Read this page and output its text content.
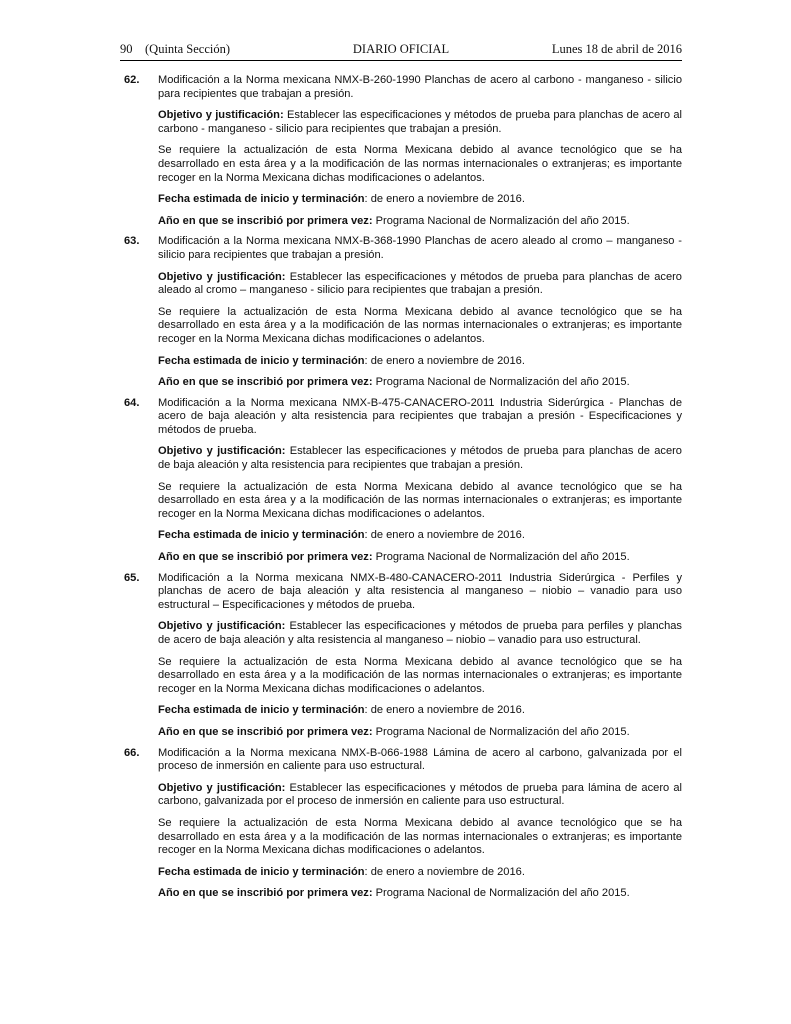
90 (Quinta Sección)	DIARIO OFICIAL	Lunes 18 de abril de 2016
62. Modificación a la Norma mexicana NMX-B-260-1990 Planchas de acero al carbono - manganeso - silicio para recipientes que trabajan a presión.

Objetivo y justificación: Establecer las especificaciones y métodos de prueba para planchas de acero al carbono - manganeso - silicio para recipientes que trabajan a presión.

Se requiere la actualización de esta Norma Mexicana debido al avance tecnológico que se ha desarrollado en esta área y a la modificación de las normas internacionales o extranjeras; es importante recoger en la Norma Mexicana dichas modificaciones o adelantos.

Fecha estimada de inicio y terminación: de enero a noviembre de 2016.

Año en que se inscribió por primera vez: Programa Nacional de Normalización del año 2015.

63. Modificación a la Norma mexicana NMX-B-368-1990 Planchas de acero aleado al cromo – manganeso - silicio para recipientes que trabajan a presión.

Objetivo y justificación: Establecer las especificaciones y métodos de prueba para planchas de acero aleado al cromo – manganeso - silicio para recipientes que trabajan a presión.

Se requiere la actualización de esta Norma Mexicana debido al avance tecnológico que se ha desarrollado en esta área y a la modificación de las normas internacionales o extranjeras; es importante recoger en la Norma Mexicana dichas modificaciones o adelantos.

Fecha estimada de inicio y terminación: de enero a noviembre de 2016.

Año en que se inscribió por primera vez: Programa Nacional de Normalización del año 2015.

64. Modificación a la Norma mexicana NMX-B-475-CANACERO-2011 Industria Siderúrgica - Planchas de acero de baja aleación y alta resistencia para recipientes que trabajan a presión - Especificaciones y métodos de prueba.

Objetivo y justificación: Establecer las especificaciones y métodos de prueba para planchas de acero de baja aleación y alta resistencia para recipientes que trabajan a presión.

Se requiere la actualización de esta Norma Mexicana debido al avance tecnológico que se ha desarrollado en esta área y a la modificación de las normas internacionales o extranjeras; es importante recoger en la Norma Mexicana dichas modificaciones o adelantos.

Fecha estimada de inicio y terminación: de enero a noviembre de 2016.

Año en que se inscribió por primera vez: Programa Nacional de Normalización del año 2015.

65. Modificación a la Norma mexicana NMX-B-480-CANACERO-2011 Industria Siderúrgica - Perfiles y planchas de acero de baja aleación y alta resistencia al manganeso – niobio – vanadio para uso estructural – Especificaciones y métodos de prueba.

Objetivo y justificación: Establecer las especificaciones y métodos de prueba para perfiles y planchas de acero de baja aleación y alta resistencia al manganeso – niobio – vanadio para uso estructural.

Se requiere la actualización de esta Norma Mexicana debido al avance tecnológico que se ha desarrollado en esta área y a la modificación de las normas internacionales o extranjeras; es importante recoger en la Norma Mexicana dichas modificaciones o adelantos.

Fecha estimada de inicio y terminación: de enero a noviembre de 2016.

Año en que se inscribió por primera vez: Programa Nacional de Normalización del año 2015.

66. Modificación a la Norma mexicana NMX-B-066-1988 Lámina de acero al carbono, galvanizada por el proceso de inmersión en caliente para uso estructural.

Objetivo y justificación: Establecer las especificaciones y métodos de prueba para lámina de acero al carbono, galvanizada por el proceso de inmersión en caliente para uso estructural.

Se requiere la actualización de esta Norma Mexicana debido al avance tecnológico que se ha desarrollado en esta área y a la modificación de las normas internacionales o extranjeras; es importante recoger en la Norma Mexicana dichas modificaciones o adelantos.

Fecha estimada de inicio y terminación: de enero a noviembre de 2016.

Año en que se inscribió por primera vez: Programa Nacional de Normalización del año 2015.
